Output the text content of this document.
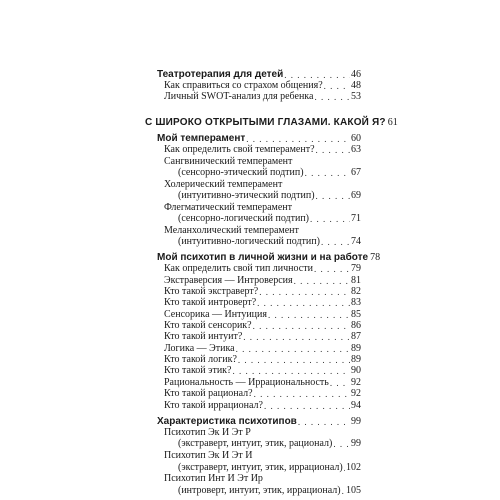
Театротерапия для детей . . .	46
Как справиться со страхом общения? . . .	48
Личный SWOT-анализ для ребенка . . .	53
С ШИРОКО ОТКРЫТЫМИ ГЛАЗАМИ. КАКОЙ Я? 61
Мой темперамент . . .	60
Как определить свой темперамент? . . .	63
Сангвинический темперамент
(сенсорно-этический подтип) . . .	67
Холерический темперамент
(интуитивно-этический подтип) . . .	69
Флегматический темперамент
(сенсорно-логический подтип) . . .	71
Меланхолический темперамент
(интуитивно-логический подтип) . . .	74
Мой психотип в личной жизни и на работе 78
Как определить свой тип личности . . .	79
Экстраверсия — Интроверсия . . .	81
Кто такой экстраверт? . . .	82
Кто такой интроверт? . . .	83
Сенсорика — Интуиция . . .	85
Кто такой сенсорик? . . .	86
Кто такой интуит? . . .	87
Логика — Этика . . .	89
Кто такой логик? . . .	89
Кто такой этик? . . .	90
Рациональность — Иррациональность . . . 92
Кто такой рационал? . . .	92
Кто такой иррационал? . . .	94
Характеристика психотипов . . .	99
Психотип Эк И Эт Р
(экстраверт, интуит, этик, рационал) . . . 99
Психотип Эк И Эт И
(экстраверт, интуит, этик, иррационал) . . . 102
Психотип Инт И Эт Ир
(интроверт, интуит, этик, иррационал) . . . 105
